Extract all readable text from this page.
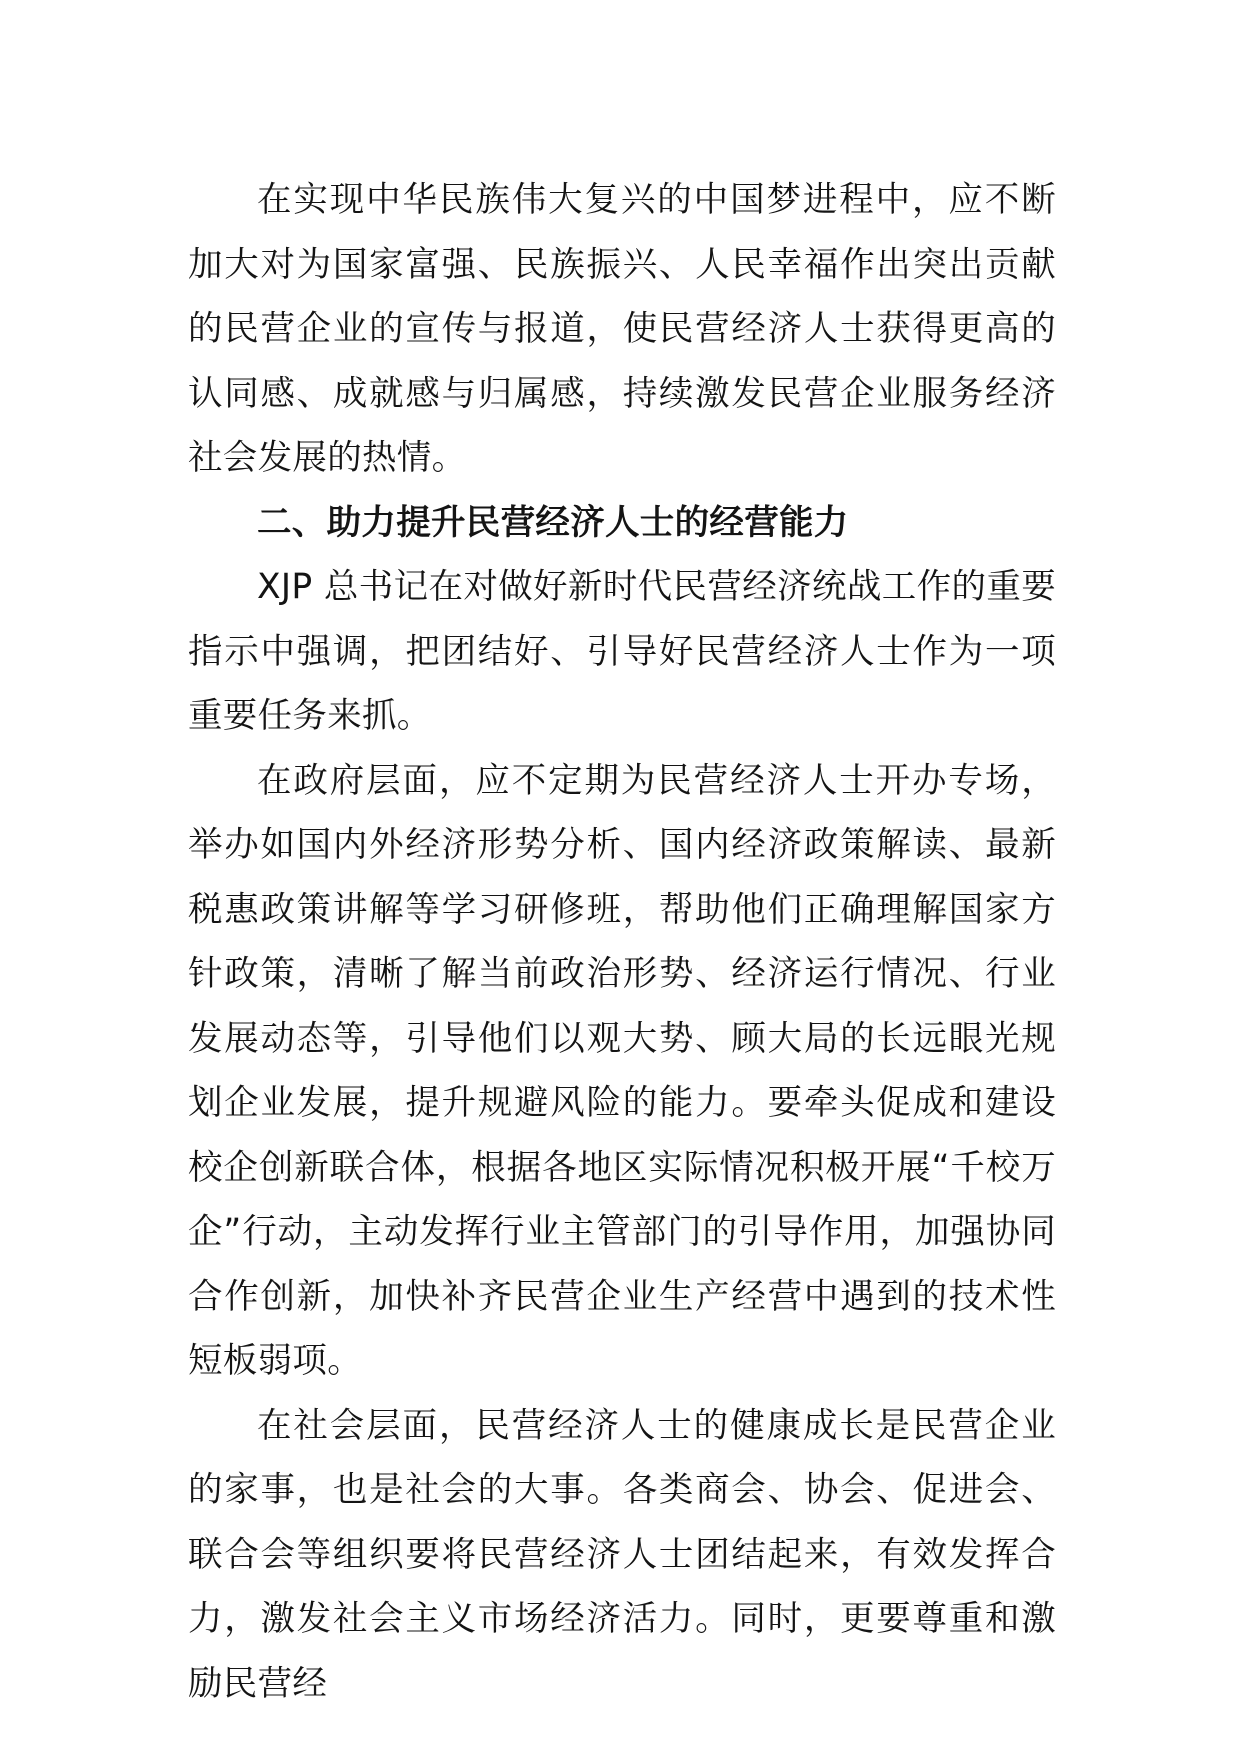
在实现中华民族伟大复兴的中国梦进程中，应不断加大对为国家富强、民族振兴、人民幸福作出突出贡献的民营企业的宣传与报道，使民营经济人士获得更高的认同感、成就感与归属感，持续激发民营企业服务经济社会发展的热情。

二、助力提升民营经济人士的经营能力

XJP 总书记在对做好新时代民营经济统战工作的重要指示中强调，把团结好、引导好民营经济人士作为一项重要任务来抓。

在政府层面，应不定期为民营经济人士开办专场，举办如国内外经济形势分析、国内经济政策解读、最新税惠政策讲解等学习研修班，帮助他们正确理解国家方针政策，清晰了解当前政治形势、经济运行情况、行业发展动态等，引导他们以观大势、顾大局的长远眼光规划企业发展，提升规避风险的能力。要牵头促成和建设校企创新联合体，根据各地区实际情况积极开展“千校万企”行动，主动发挥行业主管部门的引导作用，加强协同合作创新，加快补齐民营企业生产经营中遇到的技术性短板弱项。

在社会层面，民营经济人士的健康成长是民营企业的家事，也是社会的大事。各类商会、协会、促进会、联合会等组织要将民营经济人士团结起来，有效发挥合力，激发社会主义市场经济活力。同时，更要尊重和激励民营经
